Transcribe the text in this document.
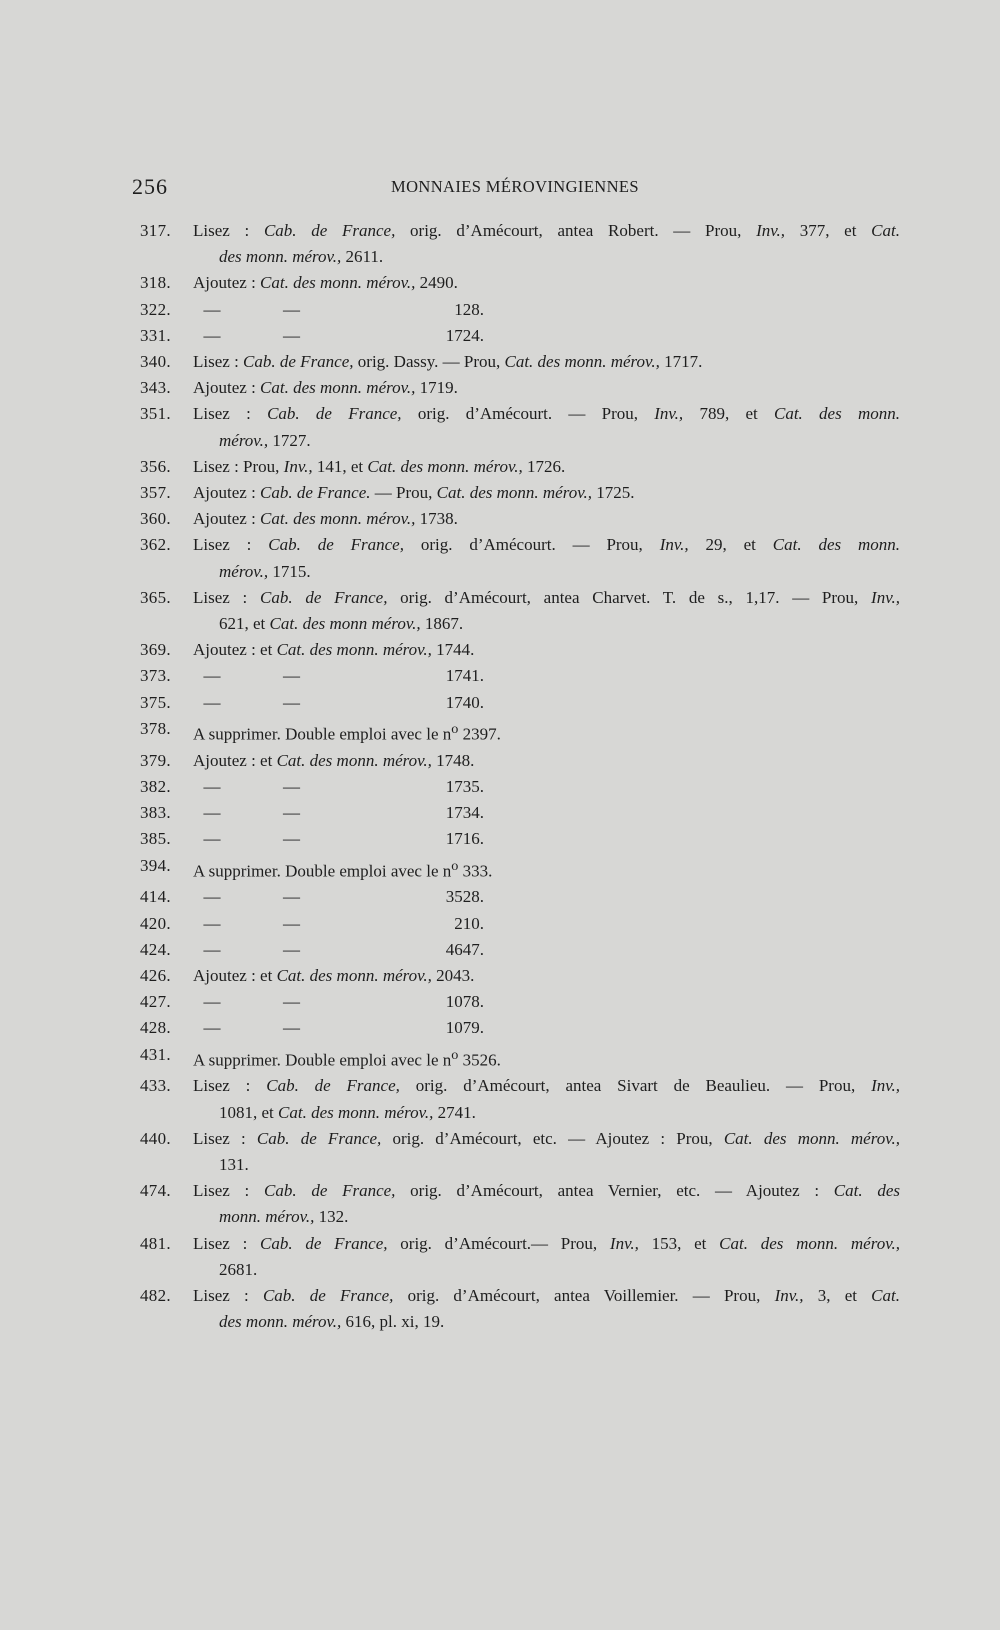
256	MONNAIES MÉROVINGIENNES
317. Lisez : Cab. de France, orig. d’Amécourt, antea Robert. — Prou, Inv., 377, et Cat.
des monn. mérov., 2611.
318. Ajoutez : Cat. des monn. mérov., 2490.
322.	—	—	128.
331.	—	—	1724.
340. Lisez : Cab. de France, orig. Dassy. — Prou, Cat. des monn. mérov., 1717.
343. Ajoutez : Cat. des monn. mérov., 1719.
351. Lisez : Cab. de France, orig. d’Amécourt. — Prou, Inv., 789, et Cat. des monn.
mérov., 1727.
356. Lisez : Prou, Inv., 141, et Cat. des monn. mérov., 1726.
357. Ajoutez : Cab. de France. — Prou, Cat. des monn. mérov., 1725.
360. Ajoutez : Cat. des monn. mérov., 1738.
362. Lisez : Cab. de France, orig. d’Amécourt. — Prou, Inv., 29, et Cat. des monn.
mérov., 1715.
365. Lisez : Cab. de France, orig. d’Amécourt, antea Charvet. T. de s., 1,17. — Prou, Inv.,
621, et Cat. des monn mérov., 1867.
369. Ajoutez : et Cat. des monn. mérov., 1744.
373.	—	—	1741.
375.	—	—	1740.
378. A supprimer. Double emploi avec le $n^o$ 2397.
379. Ajoutez : et Cat. des monn. mérov., 1748.
382.	—	—	1735.
383.	—	—	1734.
385.	—	—	1716.
394. A supprimer. Double emploi avec le $n^o$ 333.
414.	—	—	3528.
420.	—	—	210.
424.	—	—	4647.
426. Ajoutez : et Cat. des monn. mérov., 2043.
427.	—	—	1078.
428.	—	—	1079.
431. A supprimer. Double emploi avec le $n^o$ 3526.
433. Lisez : Cab. de France, orig. d’Amécourt, antea Sivart de Beaulieu. — Prou, Inv.,
1081, et Cat. des monn. mérov., 2741.
440. Lisez : Cab. de France, orig. d’Amécourt, etc. — Ajoutez : Prou, Cat. des monn. mérov.,
131.
474. Lisez : Cab. de France, orig. d’Amécourt, antea Vernier, etc. — Ajoutez : Cat. des
monn. mérov., 132.
481. Lisez : Cab. de France, orig. d’Amécourt.— Prou, Inv., 153, et Cat. des monn. mérov.,
2681.
482. Lisez : Cab. de France, orig. d’Amécourt, antea Voillemier. — Prou, Inv., 3, et Cat.
des monn. mérov., 616, pl. xi, 19.
